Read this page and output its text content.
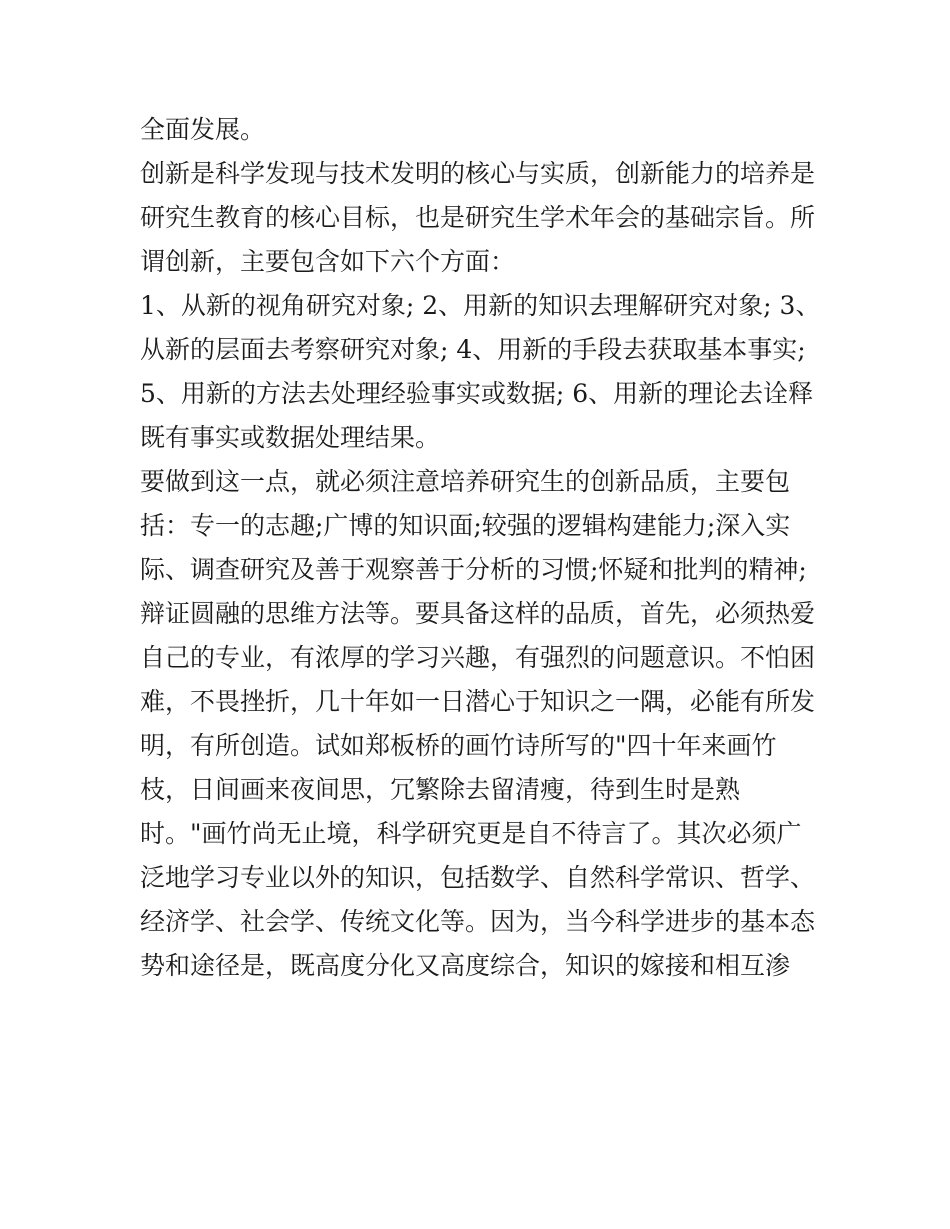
全面发展。

创新是科学发现与技术发明的核心与实质，创新能力的培养是

研究生教育的核心目标，也是研究生学术年会的基础宗旨。所

谓创新，主要包含如下六个方面：

1、从新的视角研究对象; 2、用新的知识去理解研究对象; 3、

从新的层面去考察研究对象; 4、用新的手段去获取基本事实;

5、用新的方法去处理经验事实或数据; 6、用新的理论去诠释

既有事实或数据处理结果。

要做到这一点，就必须注意培养研究生的创新品质，主要包

括：专一的志趣;广博的知识面;较强的逻辑构建能力;深入实

际、调查研究及善于观察善于分析的习惯;怀疑和批判的精神;

辩证圆融的思维方法等。要具备这样的品质，首先，必须热爱

自己的专业，有浓厚的学习兴趣，有强烈的问题意识。不怕困

难，不畏挫折，几十年如一日潜心于知识之一隅，必能有所发

明，有所创造。试如郑板桥的画竹诗所写的"四十年来画竹

枝，日间画来夜间思，冗繁除去留清瘦，待到生时是熟

时。"画竹尚无止境，科学研究更是自不待言了。其次必须广

泛地学习专业以外的知识，包括数学、自然科学常识、哲学、

经济学、社会学、传统文化等。因为，当今科学进步的基本态

势和途径是，既高度分化又高度综合，知识的嫁接和相互渗
